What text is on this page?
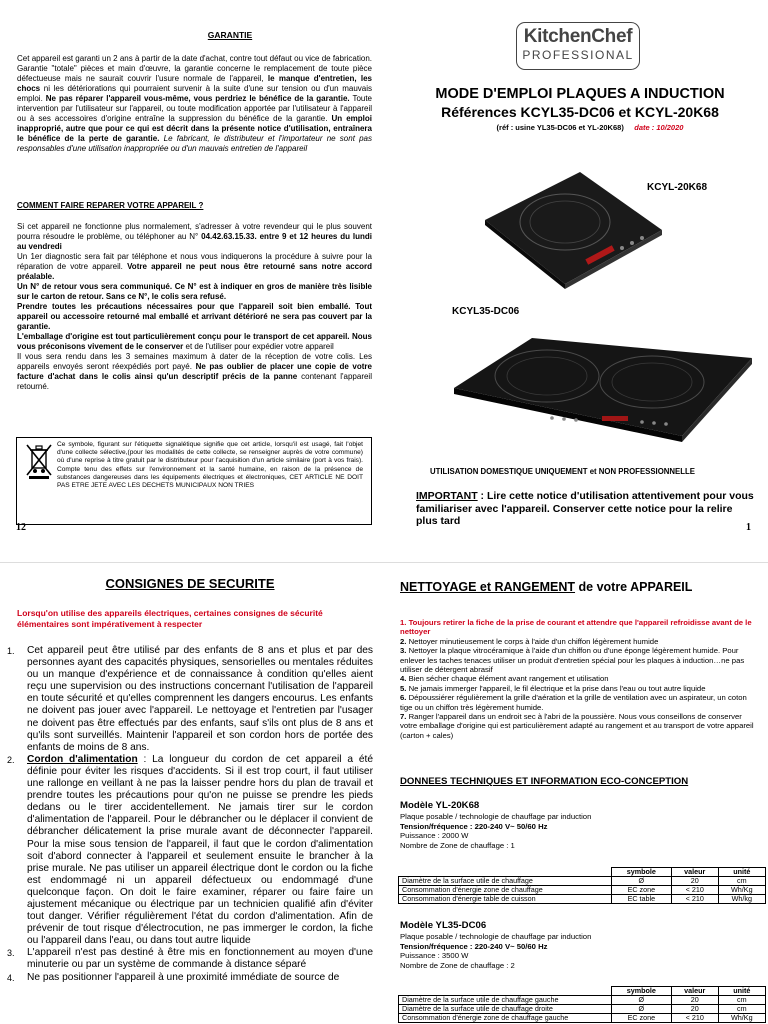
GARANTIE
Cet appareil est garanti un 2 ans à partir de la date d'achat, contre tout défaut ou vice de fabrication. Garantie "totale" pièces et main d'œuvre, la garantie concerne le remplacement de toute pièce défectueuse mais ne saurait couvrir l'usure normale de l'appareil, le manque d'entretien, les chocs ni les détériorations qui pourraient survenir à la suite d'une sur tension ou d'un mauvais emploi. Ne pas réparer l'appareil vous-même, vous perdriez le bénéfice de la garantie. Toute intervention par l'utilisateur sur l'appareil, ou toute modification apportée par l'utilisateur à l'appareil ou à ses accessoires d'origine entraîne la suppression du bénéfice de la garantie. Un emploi inapproprié, autre que pour ce qui est décrit dans la présente notice d'utilisation, entraînera le bénéfice de la perte de garantie. Le fabricant, le distributeur et l'importateur ne sont pas responsables d'une utilisation inappropriée ou d'un mauvais entretien de l'appareil
COMMENT FAIRE REPARER VOTRE APPAREIL ?

Si cet appareil ne fonctionne plus normalement, s'adresser à votre revendeur qui le plus souvent pourra résoudre le problème, ou téléphoner au N° 04.42.63.15.33. entre 9 et 12 heures du lundi au vendredi

Un 1er diagnostic sera fait par téléphone et nous vous indiquerons la procédure à suivre pour la réparation de votre appareil. Votre appareil ne peut nous être retourné sans notre accord préalable.

Un N° de retour vous sera communiqué. Ce N° est à indiquer en gros de manière très lisible sur le carton de retour. Sans ce N°, le colis sera refusé.

Prendre toutes les précautions nécessaires pour que l'appareil soit bien emballé. Tout appareil ou accessoire retourné mal emballé et arrivant détérioré ne sera pas couvert par la garantie.

L'emballage d'origine est tout particulièrement conçu pour le transport de cet appareil. Nous vous préconisons vivement de le conserver et de l'utiliser pour expédier votre appareil

Il vous sera rendu dans les 3 semaines maximum à dater de la réception de votre colis. Les appareils envoyés seront réexpédiés port payé. Ne pas oublier de placer une copie de votre facture d'achat dans le colis ainsi qu'un descriptif précis de la panne contenant l'appareil retourné.

Ce symbole, figurant sur l'étiquette signalétique signifie que cet article, lorsqu'il est usagé, fait l'objet d'une collecte sélective,(pour les modalités de cette collecte, se renseigner auprès de votre commune) où d'une reprise à titre gratuit par le distributeur pour l'acquisition d'un article similaire (port à vos frais). Compte tenu des effets sur l'environnement et la santé humaine, en raison de la présence de substances dangereuses dans les équipements électriques et électroniques, CET ARTICLE NE DOIT PAS ETRE JETE AVEC LES DECHETS MUNICIPAUX NON TRIES
12	1
KitchenChef
PROFESSIONAL
MODE D'EMPLOI PLAQUES A INDUCTION
Références KCYL35-DC06 et KCYL-20K68
(réf : usine YL35-DC06 et YL-20K68) date : 10/2020
KCYL-20K68
KCYL35-DC06
UTILISATION DOMESTIQUE UNIQUEMENT et NON PROFESSIONNELLE
IMPORTANT : Lire cette notice d'utilisation attentivement pour vous familiariser avec l'appareil. Conserver cette notice pour la relire plus tard
CONSIGNES DE SECURITE
Lorsqu'on utilise des appareils électriques, certaines consignes de sécurité élémentaires sont impérativement à respecter
1. Cet appareil peut être utilisé par des enfants de 8 ans et plus et par des personnes ayant des capacités physiques, sensorielles ou mentales réduites ou un manque d'expérience et de connaissance à condition qu'elles aient reçu une supervision ou des instructions concernant l'utilisation de l'appareil en toute sécurité et qu'elles comprennent les dangers encourus. Les enfants ne doivent pas jouer avec l'appareil. Le nettoyage et l'entretien par l'usager ne doivent pas être effectués par des enfants, sauf s'ils ont plus de 8 ans et qu'ils sont surveillés. Maintenir l'appareil et son cordon hors de portée des enfants de moins de 8 ans.
2. Cordon d'alimentation : La longueur du cordon de cet appareil a été définie pour éviter les risques d'accidents. Si il est trop court, il faut utiliser une rallonge en veillant à ne pas la laisser pendre hors du plan de travail et prendre toutes les précautions pour qu'on ne puisse se prendre les pieds dedans ou le tirer accidentellement. Ne jamais tirer sur le cordon d'alimentation de l'appareil. Pour le débrancher ou le déplacer il convient de débrancher délicatement la prise murale avant de déconnecter l'appareil. Pour la mise sous tension de l'appareil, il faut que le cordon d'alimentation soit d'abord connecter à l'appareil et seulement ensuite le brancher à la prise murale. Ne pas utiliser un appareil électrique dont le cordon ou la fiche est endommagé ni un appareil défectueux ou endommagé d'une quelconque façon. On doit le faire examiner, réparer ou faire faire un ajustement mécanique ou électrique par un technicien qualifié afin d'éviter tout danger. Vérifier régulièrement l'état du cordon d'alimentation. Afin de prévenir de tout risque d'électrocution, ne pas immerger le cordon, la fiche ou l'appareil dans l'eau, ou dans tout autre liquide
3. L'appareil n'est pas destiné à être mis en fonctionnement au moyen d'une minuterie ou par un système de commande à distance séparé
4. Ne pas positionner l'appareil à une proximité immédiate de source de
NETTOYAGE et RANGEMENT de votre APPAREIL

1. Toujours retirer la fiche de la prise de courant et attendre que l'appareil refroidisse avant de le nettoyer

2. Nettoyer minutieusement le corps à l'aide d'un chiffon légèrement humide

3. Nettoyer la plaque vitrocéramique à l'aide d'un chiffon ou d'une éponge légèrement humide. Pour enlever les taches tenaces utiliser un produit d'entretien spécial pour les plaques à induction…ne pas utiliser de détergent abrasif

4. Bien sécher chaque élément avant rangement et utilisation

5. Ne jamais immerger l'appareil, le fil électrique et la prise dans l'eau ou tout autre liquide

6. Dépoussiérer régulièrement la grille d'aération et la grille de ventilation avec un aspirateur, un coton tige ou un chiffon très légèrement humide.

7. Ranger l'appareil dans un endroit sec à l'abri de la poussière. Nous vous conseillons de conserver votre emballage d'origine qui est particulièrement adapté au rangement et au transport de votre appareil (carton + cales)

DONNEES TECHNIQUES ET INFORMATION ECO-CONCEPTION
Modèle YL-20K68
Plaque posable / technologie de chauffage par induction
Tension/fréquence : 220-240 V~ 50/60 Hz
Puissance : 2000 W
Nombre de Zone de chauffage : 1
	symbole	valeur	unité
Diamètre de la surface utile de chauffage	Ø	20	cm
Consommation d'énergie zone de chauffage	EC zone	< 210	Wh/Kg
Consommation d'énergie table de cuisson	EC table	< 210	Wh/kg
Modèle YL35-DC06
Plaque posable / technologie de chauffage par induction
Tension/fréquence : 220-240 V~ 50/60 Hz
Puissance : 3500 W
Nombre de Zone de chauffage : 2
	symbole	valeur	unité
Diamètre de la surface utile de chauffage gauche	Ø	20	cm
Diamètre de la surface utile de chauffage droite	Ø	20	cm
Consommation d'énergie zone de chauffage gauche	EC zone	< 210	Wh/Kg
